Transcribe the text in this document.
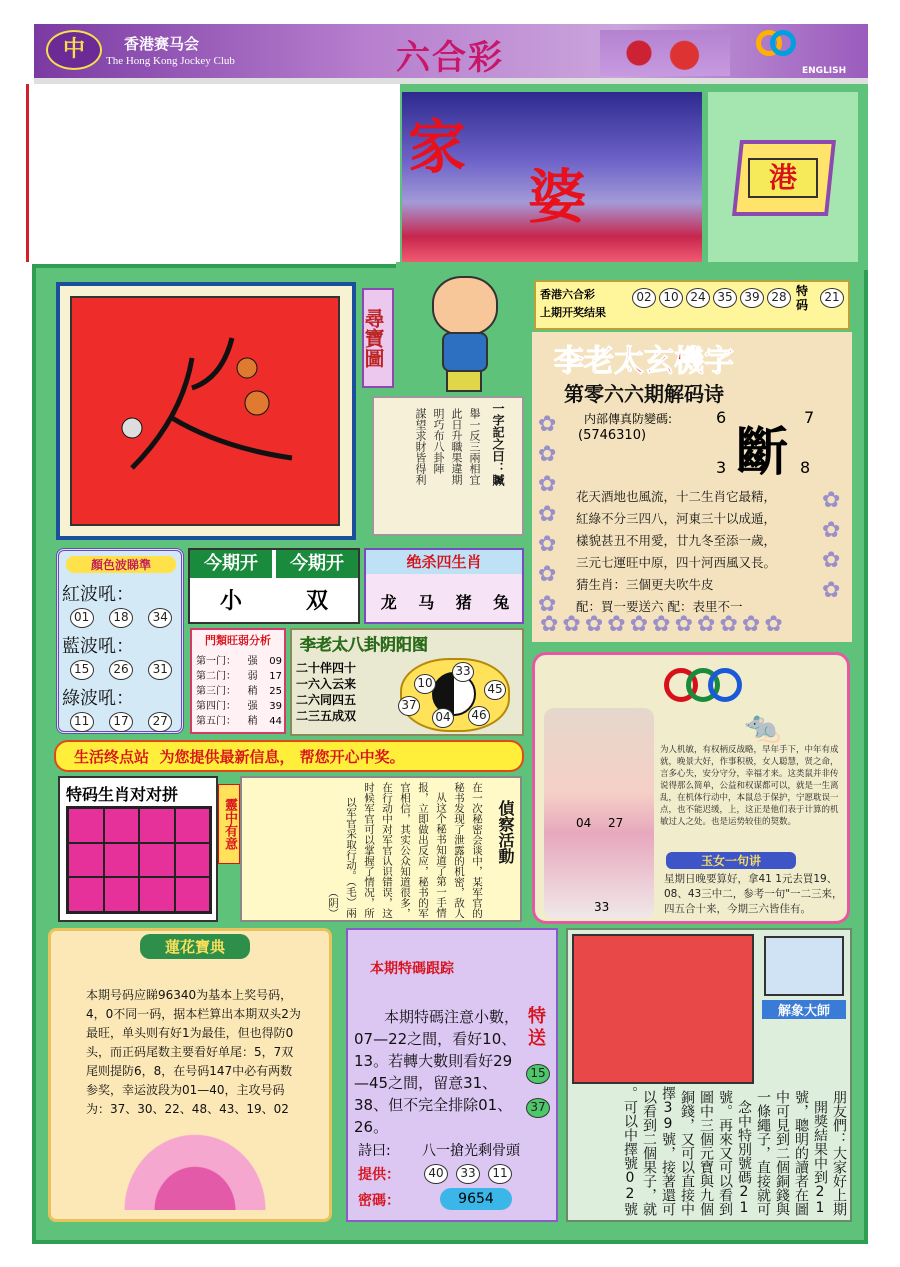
中	香港赛马会
The Hong Kong Jockey Club	六合彩	ENGLISH
家
婆	港
尋寶圖
一字記之曰：贓
舉一反三兩相宜
此日升職果違期
明巧布八卦陣
謀望求財皆得利
香港六合彩
上期开奖结果
02 10 24 35 39 28 特码
21
李老太玄機字
第零六六期解码诗
内部傳真防變碼:
(5746310) 斷
6	7
3	8
花天酒地也風流，十二生肖它最精，
紅綠不分三四八，河東三十以成遁，
樣貌甚丑不用愛，廿九冬至添一歲，
三元七運旺中原，四十河西風又長。
猜生肖：三個更夫吹牛皮
配：買一要送六 配：表里不一
✿
✿
✿
✿
✿
✿
✿
✿
✿
✿
✿
✿✿✿✿✿✿✿✿✿✿✿
顏色波睇準
紅波吼：
01	18	34
藍波吼：
15	26	31
綠波吼：
11	17	27
今期开	今期开
小	双
绝杀四生肖
龙 马 猪 兔
門類旺弱分析
第一门： 强 09
第二门： 弱 17
第三门： 稍 25
第四门： 强 39
第五门： 稍 44
李老太八卦阴阳图
二十伴四十
一六入云来
二六同四五
二三五成双
10
33
45
37
04 46
04 27
33
🐀
为人机敏，有权柄反战略，早年手下，中年有成就，晚景大好，作事积极，女人聪慧，贤之命，言多心失，安分守分，幸福才来。这类鼠并非传说得那么简单，公益和权谋都可以，就是一生离乱，在机体行动中，本鼠总于保护，宁愿耽误一点，也不能迟缓，上，这正是他们表于计算的机敏过人之处。也是运势较佳的契数。
玉女一句讲
星期日晚要算好，拿41 1元去買19、08、43三中二，参考一句"一二三来，四五合十来，今期三六皆佳有。
生活终点站  为您提供最新信息， 帮您开心中奖。
特码生肖对对拼
靈中有意	在一次秘密会谈中，某军官的秘书发现了泄露的机密，敌人从这个秘书知道了第一手情报，立即做出反应，秘书的军官相信，其实公众知道很多，在行动中对军官认识错误，这时候军官可以掌握了情况，所以军官采取行动。（毛）兩（阴）
偵察活動
蓮花寶典
本期号码应睇96340为基本上奖号码，4，0不同一码，据本栏算出本期双头2为最旺，单头则有好1为最佳，但也得防0头，而正码尾数主要看好单尾：5，7双尾则提防6，8，在号码147中必有两数参奖，幸运波段为01—40，主攻号码为：37、30、22、48、43、19、02
本期特碼跟踪
本期特碼注意小數，07—22之間，看好10、13。若轉大數則看好29—45之間，留意31、38、但不完全排除01、26。
特送
15
37
詩曰: 八一搶光剩骨頭
提供：	40	33	11
密碼：	9654
解象大師
朋友們：大家好上期開獎結果中到21號，聰明的讀者在圖中可見到二個銅錢與一條繩子，直接就可念中特別號碼21號。再來又可以看到圖中三個元寶與九個銅錢，又可以直接中擇39號，接著還可以看到二個果子，就可以中擇號02號。
